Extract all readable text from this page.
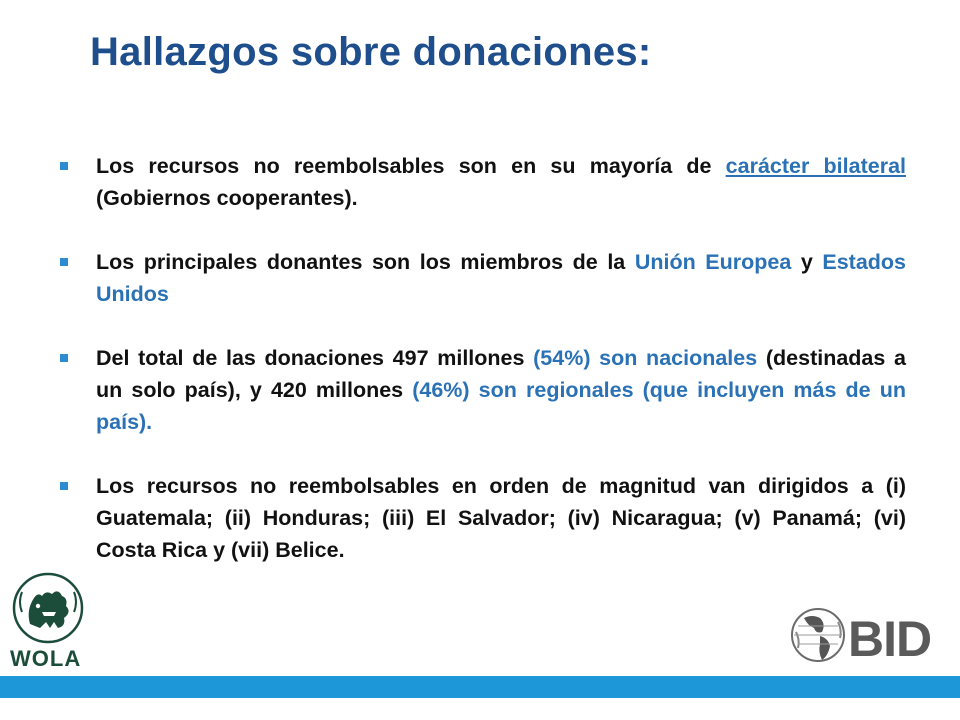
Hallazgos sobre donaciones:
Los recursos no reembolsables son en su mayoría de carácter bilateral (Gobiernos cooperantes).
Los principales donantes son los miembros de la Unión Europea y Estados Unidos
Del total de las donaciones 497 millones (54%) son nacionales (destinadas a un solo país), y 420 millones (46%) son regionales (que incluyen más de un país).
Los recursos no reembolsables en orden de magnitud van dirigidos a (i) Guatemala; (ii) Honduras; (iii) El Salvador; (iv) Nicaragua; (v) Panamá; (vi) Costa Rica y (vii) Belice.
WOLA	BID
